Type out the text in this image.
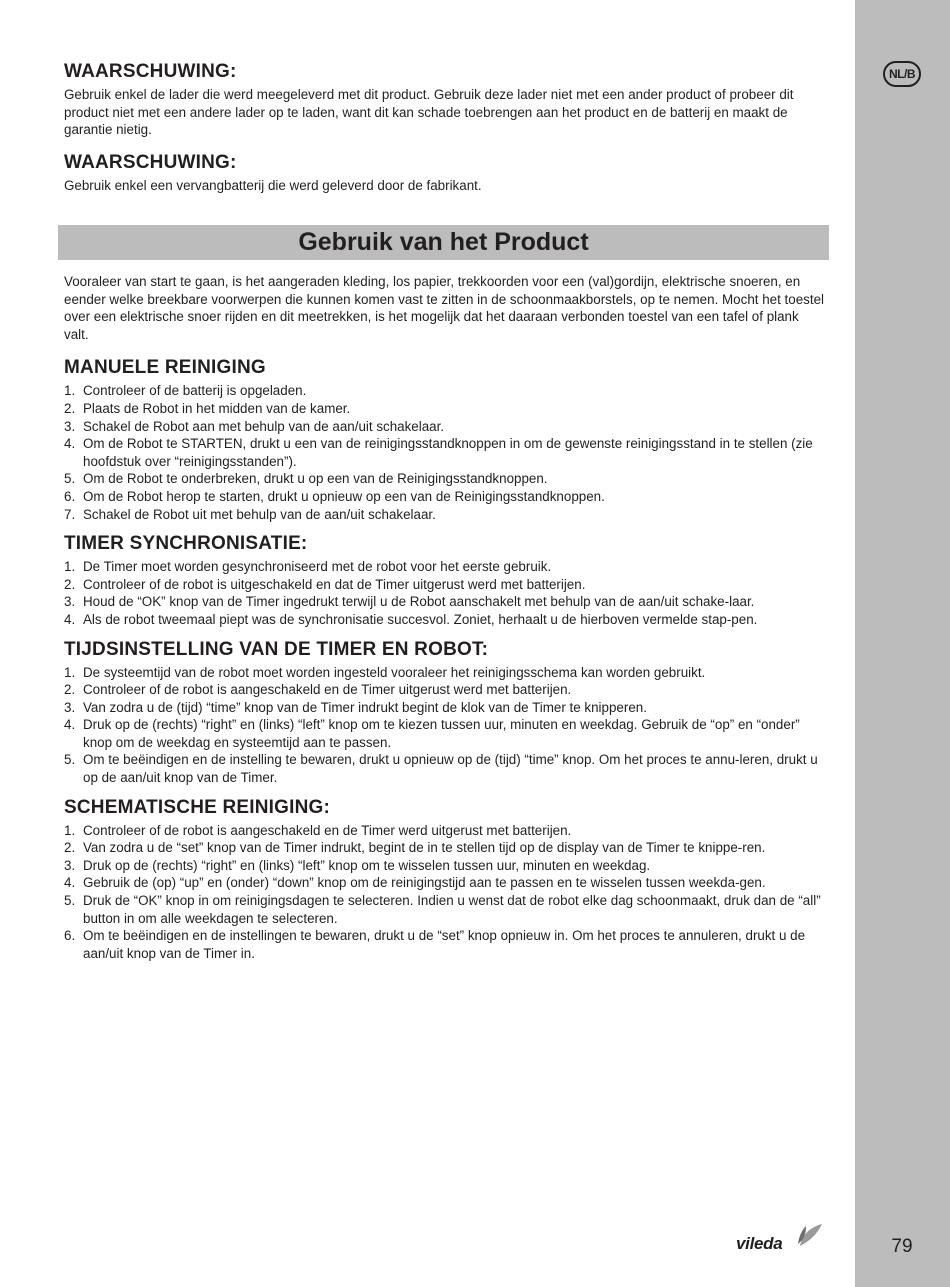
NL/B
79
WAARSCHUWING:

Gebruik enkel de lader die werd meegeleverd met dit product. Gebruik deze lader niet met een ander product of probeer dit product niet met een andere lader op te laden, want dit kan schade toebrengen aan het product en de batterij en maakt de garantie nietig.

WAARSCHUWING:

Gebruik enkel een vervangbatterij die werd geleverd door de fabrikant.

Gebruik van het Product

Vooraleer van start te gaan, is het aangeraden kleding, los papier, trekkoorden voor een (val)gordijn, elektrische snoeren, en eender welke breekbare voorwerpen die kunnen komen vast te zitten in de schoonmaakborstels, op te nemen. Mocht het toestel over een elektrische snoer rijden en dit meetrekken, is het mogelijk dat het daaraan verbonden toestel van een tafel of plank valt.

MANUELE REINIGING
1. Controleer of de batterij is opgeladen.
2. Plaats de Robot in het midden van de kamer.
3. Schakel de Robot aan met behulp van de aan/uit schakelaar.
4. Om de Robot te STARTEN, drukt u een van de reinigingsstandknoppen in om de gewenste reinigingsstand in te stellen (zie hoofdstuk over “reinigingsstanden”).
5. Om de Robot te onderbreken, drukt u op een van de Reinigingsstandknoppen.
6. Om de Robot herop te starten, drukt u opnieuw op een van de Reinigingsstandknoppen.
7. Schakel de Robot uit met behulp van de aan/uit schakelaar.
TIMER SYNCHRONISATIE:
1. De Timer moet worden gesynchroniseerd met de robot voor het eerste gebruik.
2. Controleer of de robot is uitgeschakeld en dat de Timer uitgerust werd met batterijen.
3. Houd de “OK” knop van de Timer ingedrukt terwijl u de Robot aanschakelt met behulp van de aan/uit schake-laar.
4. Als de robot tweemaal piept was de synchronisatie succesvol. Zoniet, herhaalt u de hierboven vermelde stap-pen.
TIJDSINSTELLING VAN DE TIMER EN ROBOT:
1. De systeemtijd van de robot moet worden ingesteld vooraleer het reinigingsschema kan worden gebruikt.
2. Controleer of de robot is aangeschakeld en de Timer uitgerust werd met batterijen.
3. Van zodra u de (tijd) “time” knop van de Timer indrukt begint de klok van de Timer te knipperen.
4. Druk op de (rechts) “right” en (links) “left” knop om te kiezen tussen uur, minuten en weekdag. Gebruik de “op” en “onder” knop om de weekdag en systeemtijd aan te passen.
5. Om te beëindigen en de instelling te bewaren, drukt u opnieuw op de (tijd) “time” knop. Om het proces te annu-leren, drukt u op de aan/uit knop van de Timer.
SCHEMATISCHE REINIGING:
1. Controleer of de robot is aangeschakeld en de Timer werd uitgerust met batterijen.
2. Van zodra u de “set” knop van de Timer indrukt, begint de in te stellen tijd op de display van de Timer te knippe-ren.
3. Druk op de (rechts) “right” en (links) “left” knop om te wisselen tussen uur, minuten en weekdag.
4. Gebruik de (op) “up” en (onder) “down” knop om de reinigingstijd aan te passen en te wisselen tussen weekda-gen.
5. Druk de “OK” knop in om reinigingsdagen te selecteren. Indien u wenst dat de robot elke dag schoonmaakt, druk dan de “all” button in om alle weekdagen te selecteren.
6. Om te beëindigen en de instellingen te bewaren, drukt u de “set” knop opnieuw in. Om het proces te annuleren, drukt u de aan/uit knop van de Timer in.
vileda
